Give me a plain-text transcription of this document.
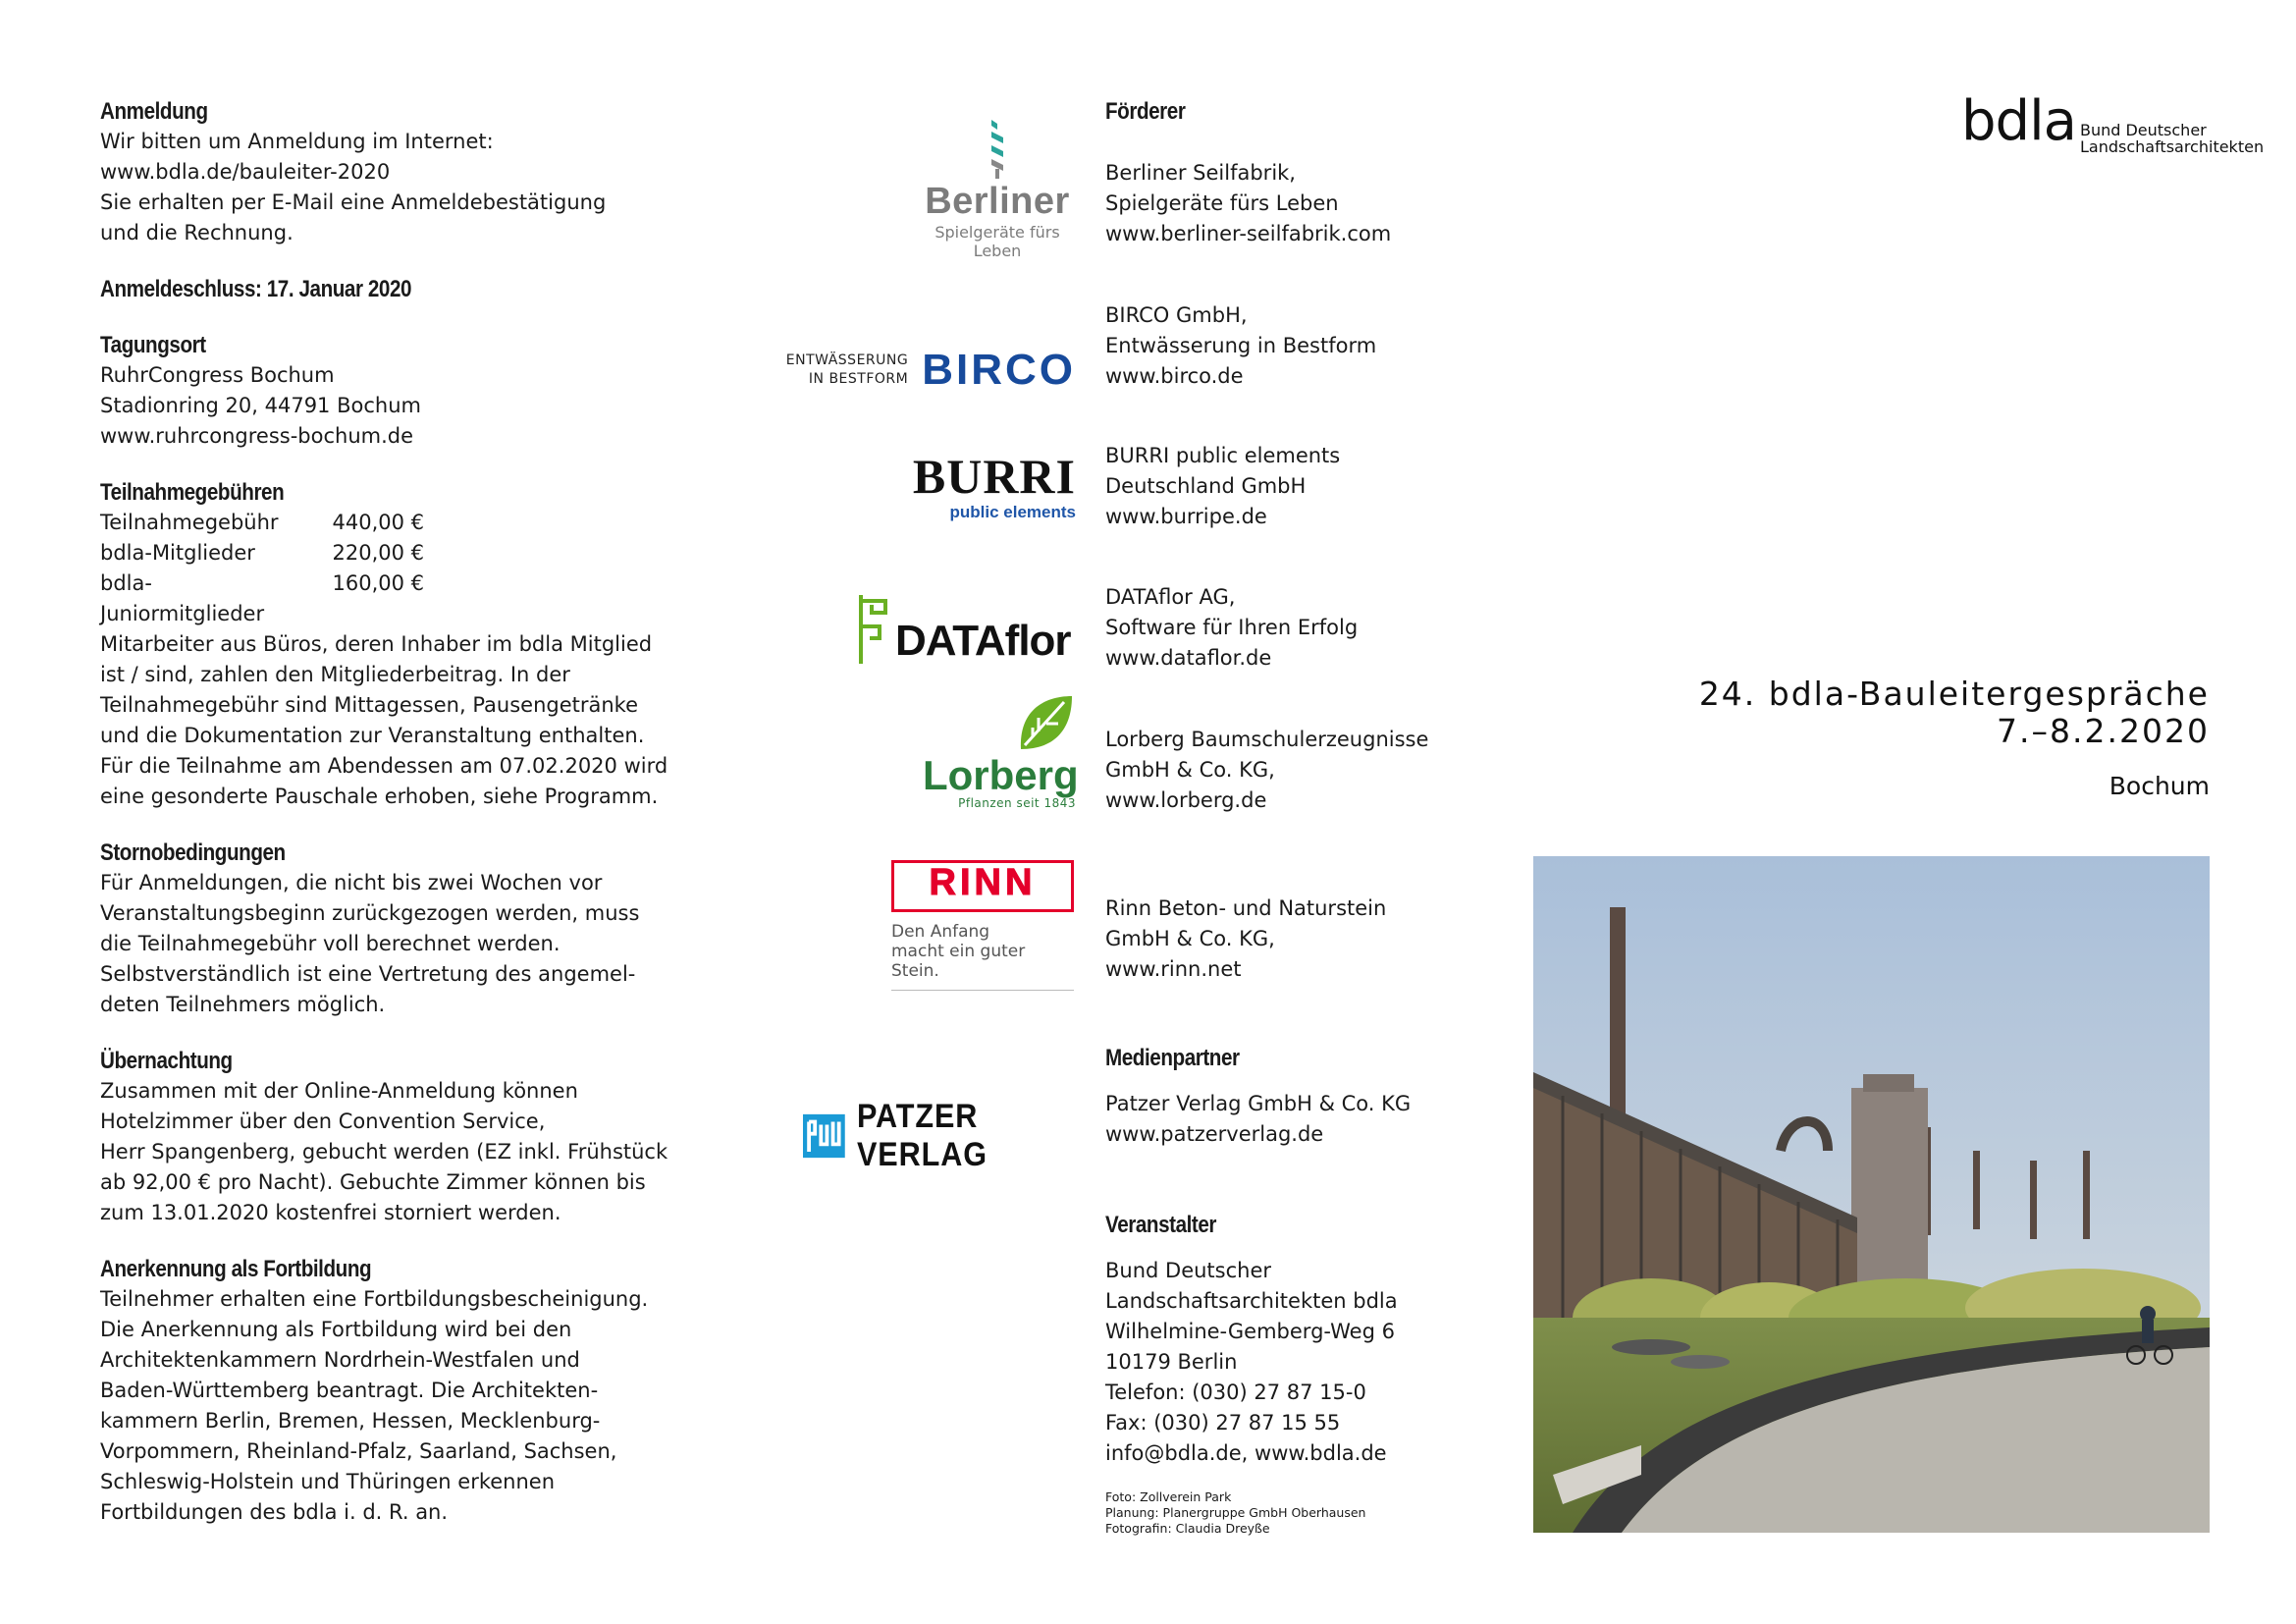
Anmeldung
Wir bitten um Anmeldung im Internet:
www.bdla.de/bauleiter-2020
Sie erhalten per E-Mail eine Anmeldebestätigung
und die Rechnung.
Anmeldeschluss: 17. Januar 2020
Tagungsort
RuhrCongress Bochum
Stadionring 20, 44791 Bochum
www.ruhrcongress-bochum.de
Teilnahmegebühren
Teilnahmegebühr	440,00 €
bdla-Mitglieder	220,00 €
bdla-Juniormitglieder
160,00 €
Mitarbeiter aus Büros, deren Inhaber im bdla Mitglied
ist / sind, zahlen den Mitgliederbeitrag. In der
Teilnahmegebühr sind Mittagessen, Pausengetränke
und die Dokumentation zur Veranstaltung enthalten.
Für die Teilnahme am Abendessen am 07.02.2020 wird
eine gesonderte Pauschale erhoben, siehe Programm.
Stornobedingungen
Für Anmeldungen, die nicht bis zwei Wochen vor
Veranstaltungsbeginn zurückgezogen werden, muss
die Teilnahmegebühr voll berechnet werden.
Selbstverständlich ist eine Vertretung des angemel-
deten Teilnehmers möglich.
Übernachtung
Zusammen mit der Online-Anmeldung können
Hotelzimmer über den Convention Service,
Herr Spangenberg, gebucht werden (EZ inkl. Frühstück
ab 92,00 € pro Nacht). Gebuchte Zimmer können bis
zum 13.01.2020 kostenfrei storniert werden.
Anerkennung als Fortbildung
Teilnehmer erhalten eine Fortbildungsbescheinigung.
Die Anerkennung als Fortbildung wird bei den
Architektenkammern Nordrhein-Westfalen und
Baden-Württemberg beantragt. Die Architekten-
kammern Berlin, Bremen, Hessen, Mecklenburg-
Vorpommern, Rheinland-Pfalz, Saarland, Sachsen,
Schleswig-Holstein und Thüringen erkennen
Fortbildungen des bdla i. d. R. an.
Förderer
Berliner
Spielgeräte fürs Leben
ENTWÄSSERUNG
IN BESTFORM BIRCO
BURRI
public elements
DATAflor
Lorberg
Pflanzen seit 1843
RINN
Den Anfang
macht ein guter Stein.
PATZER VERLAG
Berliner Seilfabrik,
Spielgeräte fürs Leben
www.berliner-seilfabrik.com
BIRCO GmbH,
Entwässerung in Bestform
www.birco.de
BURRI public elements
Deutschland GmbH
www.burripe.de
DATAflor AG,
Software für Ihren Erfolg
www.dataflor.de
Lorberg Baumschulerzeugnisse
GmbH & Co. KG,
www.lorberg.de
Rinn Beton- und Naturstein
GmbH & Co. KG,
www.rinn.net
Medienpartner
Patzer Verlag GmbH & Co. KG
www.patzerverlag.de
Veranstalter
Bund Deutscher
Landschaftsarchitekten bdla
Wilhelmine-Gemberg-Weg 6
10179 Berlin
Telefon: (030) 27 87 15-0
Fax: (030) 27 87 15 55
info@bdla.de, www.bdla.de
Foto: Zollverein Park
Planung: Planergruppe GmbH Oberhausen
Fotografin: Claudia Dreyße
bdla Bund Deutscher
Landschaftsarchitekten
24. bdla-Bauleitergespräche
7.–8.2.2020
Bochum
